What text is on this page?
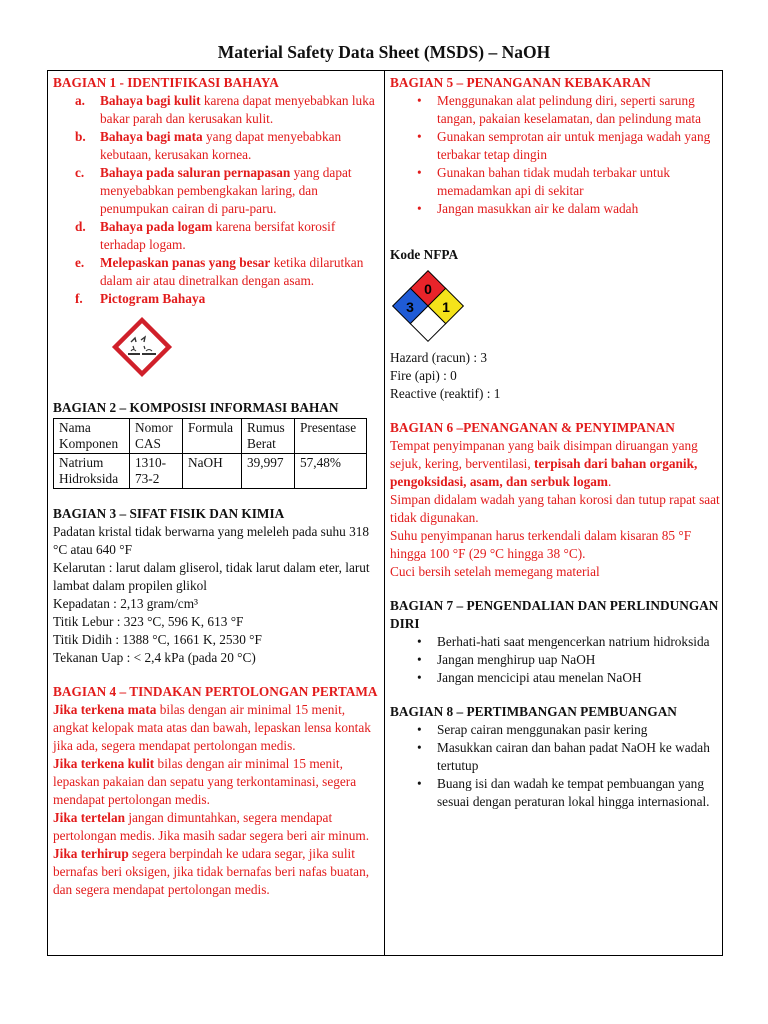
Material Safety Data Sheet (MSDS) – NaOH
BAGIAN 1 - IDENTIFIKASI BAHAYA
a. Bahaya bagi kulit karena dapat menyebabkan luka bakar parah dan kerusakan kulit.
b. Bahaya bagi mata yang dapat menyebabkan kebutaan, kerusakan kornea.
c. Bahaya pada saluran pernapasan yang dapat menyebabkan pembengkakan laring, dan penumpukan cairan di paru-paru.
d. Bahaya pada logam karena bersifat korosif terhadap logam.
e. Melepaskan panas yang besar ketika dilarutkan dalam air atau dinetralkan dengan asam.
f. Pictogram Bahaya
BAGIAN 2 – KOMPOSISI INFORMASI BAHAN
Nama Komponen	Nomor CAS	Formula	Rumus Berat	Presentase
Natrium Hidroksida	1310-73-2	NaOH	39,997	57,48%
BAGIAN 3 – SIFAT FISIK DAN KIMIA
Padatan kristal tidak berwarna yang meleleh pada suhu 318 °C atau 640 °F
Kelarutan : larut dalam gliserol, tidak larut dalam eter, larut lambat dalam propilen glikol
Kepadatan : 2,13 gram/cm³
Titik Lebur : 323 °C, 596 K, 613 °F
Titik Didih : 1388 °C, 1661 K, 2530 °F
Tekanan Uap : < 2,4 kPa (pada 20 °C)
BAGIAN 4 – TINDAKAN PERTOLONGAN PERTAMA
Jika terkena mata bilas dengan air minimal 15 menit, angkat kelopak mata atas dan bawah, lepaskan lensa kontak jika ada, segera mendapat pertolongan medis.
Jika terkena kulit bilas dengan air minimal 15 menit, lepaskan pakaian dan sepatu yang terkontaminasi, segera mendapat pertolongan medis.
Jika tertelan jangan dimuntahkan, segera mendapat pertolongan medis. Jika masih sadar segera beri air minum.
Jika terhirup segera berpindah ke udara segar, jika sulit bernafas beri oksigen, jika tidak bernafas beri nafas buatan, dan segera mendapat pertolongan medis.
BAGIAN 5 – PENANGANAN KEBAKARAN
• Menggunakan alat pelindung diri, seperti sarung tangan, pakaian keselamatan, dan pelindung mata
• Gunakan semprotan air untuk menjaga wadah yang terbakar tetap dingin
• Gunakan bahan tidak mudah terbakar untuk memadamkan api di sekitar
• Jangan masukkan air ke dalam wadah
Kode NFPA
0
3 1
Hazard (racun) : 3
Fire (api) : 0
Reactive (reaktif) : 1
BAGIAN 6 –PENANGANAN & PENYIMPANAN
Tempat penyimpanan yang baik disimpan diruangan yang sejuk, kering, berventilasi, terpisah dari bahan organik, pengoksidasi, asam, dan serbuk logam.
Simpan didalam wadah yang tahan korosi dan tutup rapat saat tidak digunakan.
Suhu penyimpanan harus terkendali dalam kisaran 85 °F hingga 100 °F (29 °C hingga 38 °C).
Cuci bersih setelah memegang material
BAGIAN 7 – PENGENDALIAN DAN PERLINDUNGAN DIRI
• Berhati-hati saat mengencerkan natrium hidroksida
• Jangan menghirup uap NaOH
• Jangan mencicipi atau menelan NaOH
BAGIAN 8 – PERTIMBANGAN PEMBUANGAN
• Serap cairan menggunakan pasir kering
• Masukkan cairan dan bahan padat NaOH ke wadah tertutup
• Buang isi dan wadah ke tempat pembuangan yang sesuai dengan peraturan lokal hingga internasional.
